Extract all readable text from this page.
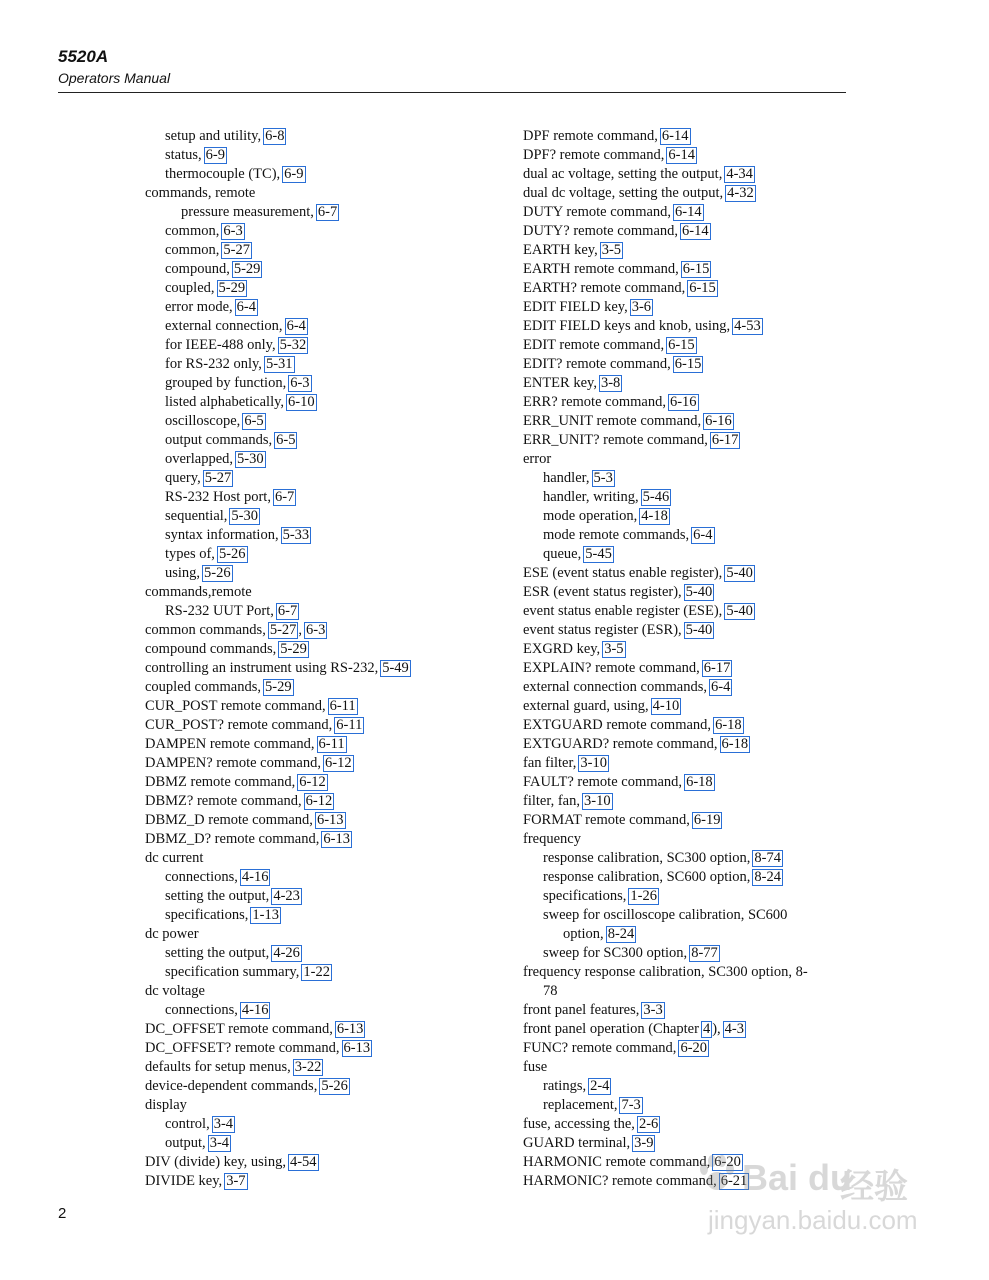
5520A
Operators Manual
setup and utility, 6-8
status, 6-9
thermocouple (TC), 6-9
commands, remote
pressure measurement, 6-7
common, 6-3
common, 5-27
compound, 5-29
coupled, 5-29
error mode, 6-4
external connection, 6-4
for IEEE-488 only, 5-32
for RS-232 only, 5-31
grouped by function, 6-3
listed alphabetically, 6-10
oscilloscope, 6-5
output commands, 6-5
overlapped, 5-30
query, 5-27
RS-232 Host port, 6-7
sequential, 5-30
syntax information, 5-33
types of, 5-26
using, 5-26
commands,remote
RS-232 UUT Port, 6-7
common commands, 5-27 , 6-3
compound commands, 5-29
controlling an instrument using RS-232, 5-49
coupled commands, 5-29
CUR_POST remote command, 6-11
CUR_POST? remote command, 6-11
DAMPEN remote command, 6-11
DAMPEN? remote command, 6-12
DBMZ remote command, 6-12
DBMZ? remote command, 6-12
DBMZ_D remote command, 6-13
DBMZ_D? remote command, 6-13
dc current
connections, 4-16
setting the output, 4-23
specifications, 1-13
dc power
setting the output, 4-26
specification summary, 1-22
dc voltage
connections, 4-16
DC_OFFSET remote command, 6-13
DC_OFFSET? remote command, 6-13
defaults for setup menus, 3-22
device-dependent commands, 5-26
display
control, 3-4
output, 3-4
DIV (divide) key, using, 4-54
DIVIDE key, 3-7
DPF remote command, 6-14
DPF? remote command, 6-14
dual ac voltage, setting the output, 4-34
dual dc voltage, setting the output, 4-32
DUTY remote command, 6-14
DUTY? remote command, 6-14
EARTH key, 3-5
EARTH remote command, 6-15
EARTH? remote command, 6-15
EDIT FIELD key, 3-6
EDIT FIELD keys and knob, using, 4-53
EDIT remote command, 6-15
EDIT? remote command, 6-15
ENTER key, 3-8
ERR? remote command, 6-16
ERR_UNIT remote command, 6-16
ERR_UNIT? remote command, 6-17
error
handler, 5-3
handler, writing, 5-46
mode operation, 4-18
mode remote commands, 6-4
queue, 5-45
ESE (event status enable register), 5-40
ESR (event status register), 5-40
event status enable register (ESE), 5-40
event status register (ESR), 5-40
EXGRD key, 3-5
EXPLAIN? remote command, 6-17
external connection commands, 6-4
external guard, using, 4-10
EXTGUARD remote command, 6-18
EXTGUARD? remote command, 6-18
fan filter, 3-10
FAULT? remote command, 6-18
filter, fan, 3-10
FORMAT remote command, 6-19
frequency
response calibration, SC300 option, 8-74
response calibration, SC600 option, 8-24
specifications, 1-26
sweep for oscilloscope calibration, SC600
option, 8-24
sweep for SC300 option, 8-77
frequency response calibration, SC300 option, 8-
78
front panel features, 3-3
front panel operation (Chapter 4 ), 4-3
FUNC? remote command, 6-20
fuse
ratings, 2-4
replacement, 7-3
fuse, accessing the, 2-6
GUARD terminal, 3-9
HARMONIC remote command, 6-20
HARMONIC? remote command, 6-21
2
Bai du
经验
jingyan.baidu.com
